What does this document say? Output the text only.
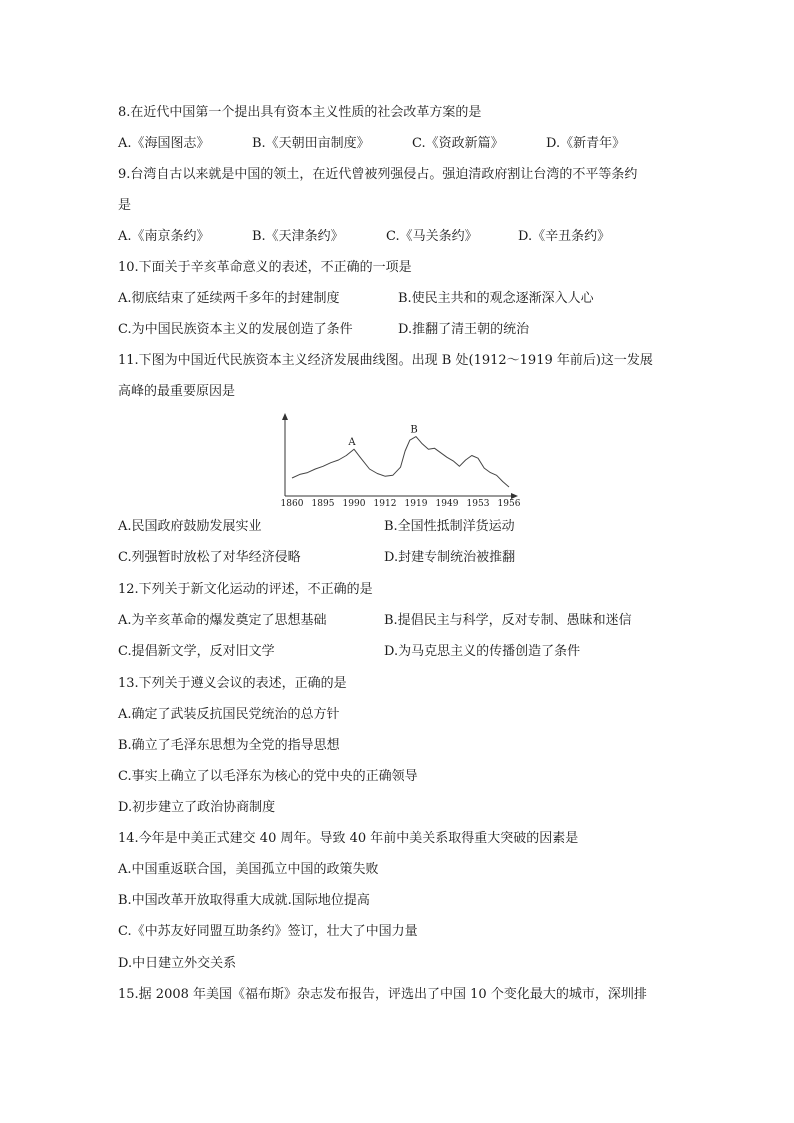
8.在近代中国第一个提出具有资本主义性质的社会改革方案的是
A.《海国图志》	B.《天朝田亩制度》	C.《资政新篇》	D.《新青年》
9.台湾自古以来就是中国的领土，在近代曾被列强侵占。强迫清政府割让台湾的不平等条约
是
A.《南京条约》	B.《天津条约》	C.《马关条约》	D.《辛丑条约》
10.下面关于辛亥革命意义的表述，不正确的一项是
A.彻底结束了延续两千多年的封建制度	B.使民主共和的观念逐渐深入人心
C.为中国民族资本主义的发展创造了条件	D.推翻了清王朝的统治
11.下图为中国近代民族资本主义经济发展曲线图。出现 B 处(1912～1919 年前后)这一发展
高峰的最重要原因是
1860 1895 1990 1912 1919 1949 1953 1956
A
B
A.民国政府鼓励发展实业	B.全国性抵制洋货运动
C.列强暂时放松了对华经济侵略	D.封建专制统治被推翻
12.下列关于新文化运动的评述，不正确的是
A.为辛亥革命的爆发奠定了思想基础	B.提倡民主与科学，反对专制、愚昧和迷信
C.提倡新文学，反对旧文学	D.为马克思主义的传播创造了条件
13.下列关于遵义会议的表述，正确的是
A.确定了武装反抗国民党统治的总方针
B.确立了毛泽东思想为全党的指导思想
C.事实上确立了以毛泽东为核心的党中央的正确领导
D.初步建立了政治协商制度
14.今年是中美正式建交 40 周年。导致 40 年前中美关系取得重大突破的因素是
A.中国重返联合国，美国孤立中国的政策失败
B.中国改革开放取得重大成就.国际地位提高
C.《中苏友好同盟互助条约》签订，壮大了中国力量
D.中日建立外交关系
15.据 2008 年美国《福布斯》杂志发布报告，评选出了中国 10 个变化最大的城市，深圳排
